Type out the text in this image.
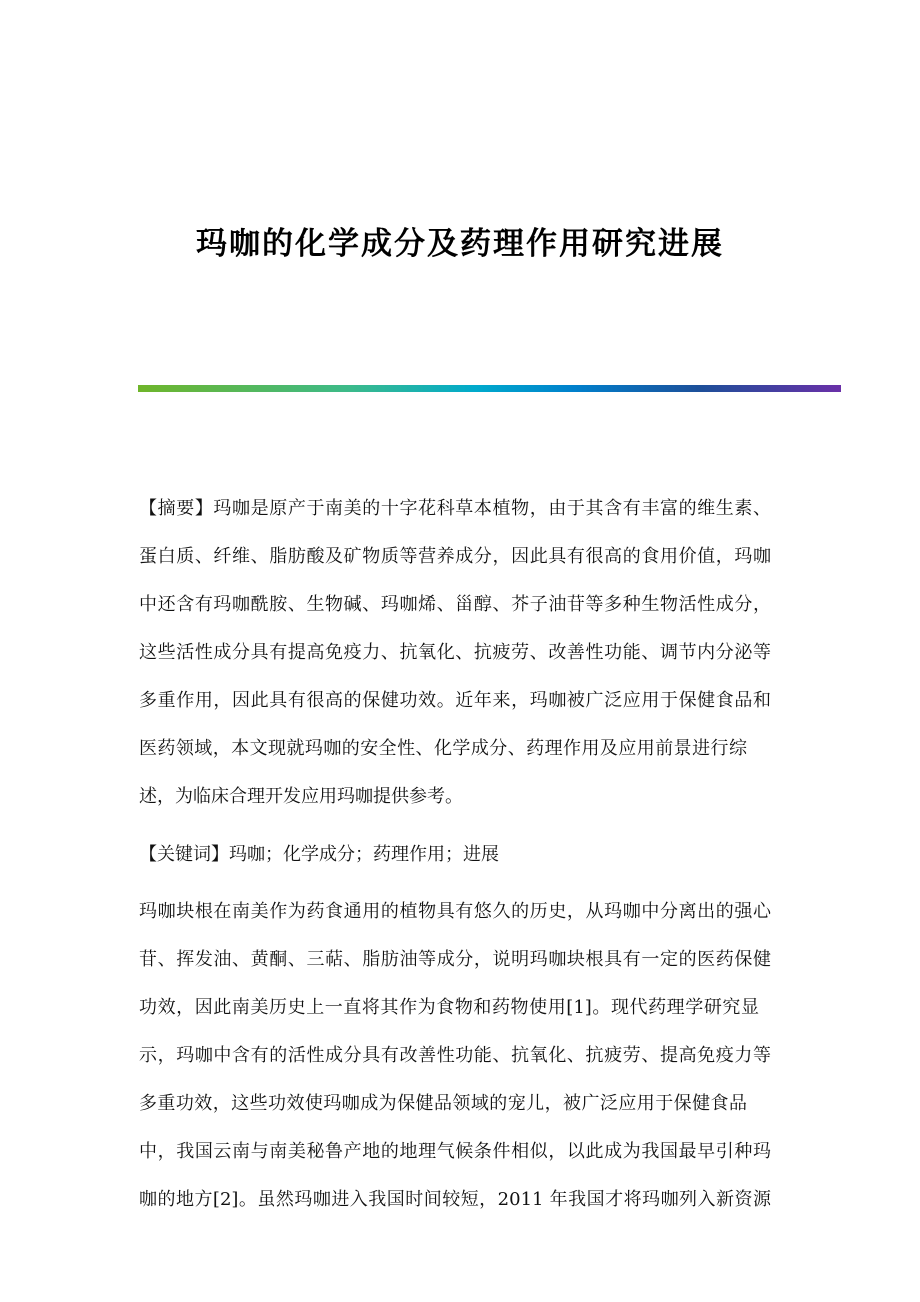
玛咖的化学成分及药理作用研究进展
【摘要】玛咖是原产于南美的十字花科草本植物，由于其含有丰富的维生素、
蛋白质、纤维、脂肪酸及矿物质等营养成分，因此具有很高的食用价值，玛咖
中还含有玛咖酰胺、生物碱、玛咖烯、甾醇、芥子油苷等多种生物活性成分，
这些活性成分具有提高免疫力、抗氧化、抗疲劳、改善性功能、调节内分泌等
多重作用，因此具有很高的保健功效。近年来，玛咖被广泛应用于保健食品和
医药领域，本文现就玛咖的安全性、化学成分、药理作用及应用前景进行综
述，为临床合理开发应用玛咖提供参考。
【关键词】玛咖；化学成分；药理作用；进展
玛咖块根在南美作为药食通用的植物具有悠久的历史，从玛咖中分离出的强心
苷、挥发油、黄酮、三萜、脂肪油等成分，说明玛咖块根具有一定的医药保健
功效，因此南美历史上一直将其作为食物和药物使用[1]。现代药理学研究显
示，玛咖中含有的活性成分具有改善性功能、抗氧化、抗疲劳、提高免疫力等
多重功效，这些功效使玛咖成为保健品领域的宠儿，被广泛应用于保健食品
中，我国云南与南美秘鲁产地的地理气候条件相似，以此成为我国最早引种玛
咖的地方[2]。虽然玛咖进入我国时间较短，2011 年我国才将玛咖列入新资源
